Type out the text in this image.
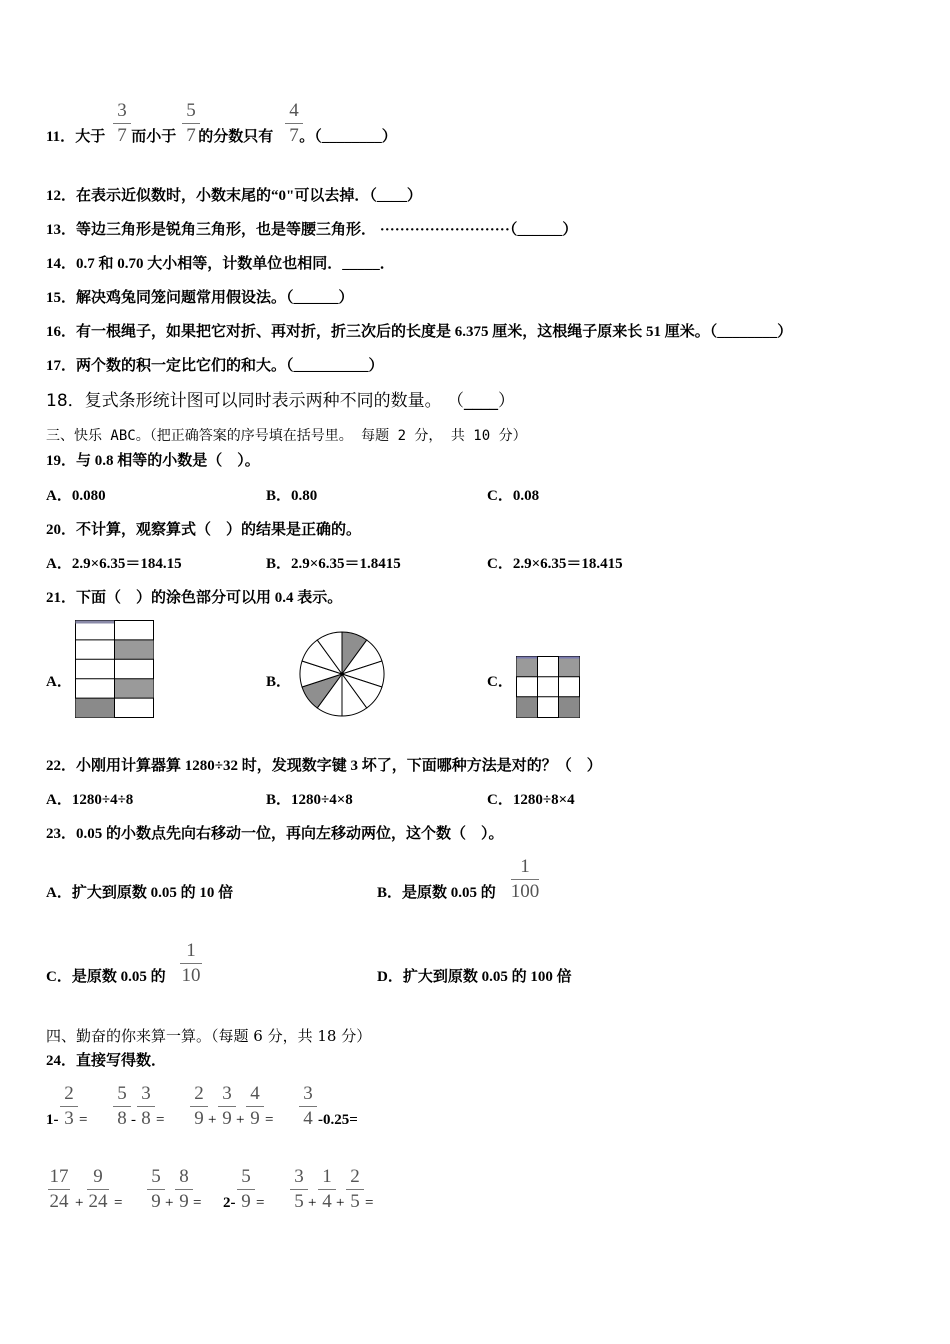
11．大于 而小于 的分数只有 。（________）
3
7
5
7
4
7
12．在表示近似数时，小数末尾的“0"可以去掉．（____）
13．等边三角形是锐角三角形，也是等腰三角形． ··························（______）
14．0.7 和 0.70 大小相等，计数单位也相同．_____．
15．解决鸡兔同笼问题常用假设法。（______）
16．有一根绳子，如果把它对折、再对折，折三次后的长度是 6.375 厘米，这根绳子原来长 51 厘米。（________）
17．两个数的积一定比它们的和大。（__________）
18．复式条形统计图可以同时表示两种不同的数量。 （____）
三、快乐 ABC。（把正确答案的序号填在括号里。 每题 2 分， 共 10 分）
19．与 0.8 相等的小数是（　）。
A．0.080	B．0.80	C．0.08
20．不计算，观察算式（　）的结果是正确的。
A．2.9×6.35＝184.15	B．2.9×6.35＝1.8415	C．2.9×6.35＝18.415
21．下面（　）的涂色部分可以用 0.4 表示。
A．	B．	C．
22．小刚用计算器算 1280÷32 时，发现数字键 3 坏了，下面哪种方法是对的？（　）
A．1280÷4÷8	B．1280÷4×8	C．1280÷8×4
23．0.05 的小数点先向右移动一位，再向左移动两位，这个数（　）。
A．扩大到原数 0.05 的 10 倍	B．是原数 0.05 的
1
100
C．是原数 0.05 的
1
10	D．扩大到原数 0.05 的 100 倍
四、勤奋的你来算一算。（每题 6 分，共 18 分）
24．直接写得数．
1-
2
3 =
5
8 -
3
8 =
2
9 +
3
9 +
4
9 =
3
4 -0.25=
17
24 +
9
24 =
5
9 +
8
9 = 2-
5
9 =
3
5 +
1
4 +
2
5 =
